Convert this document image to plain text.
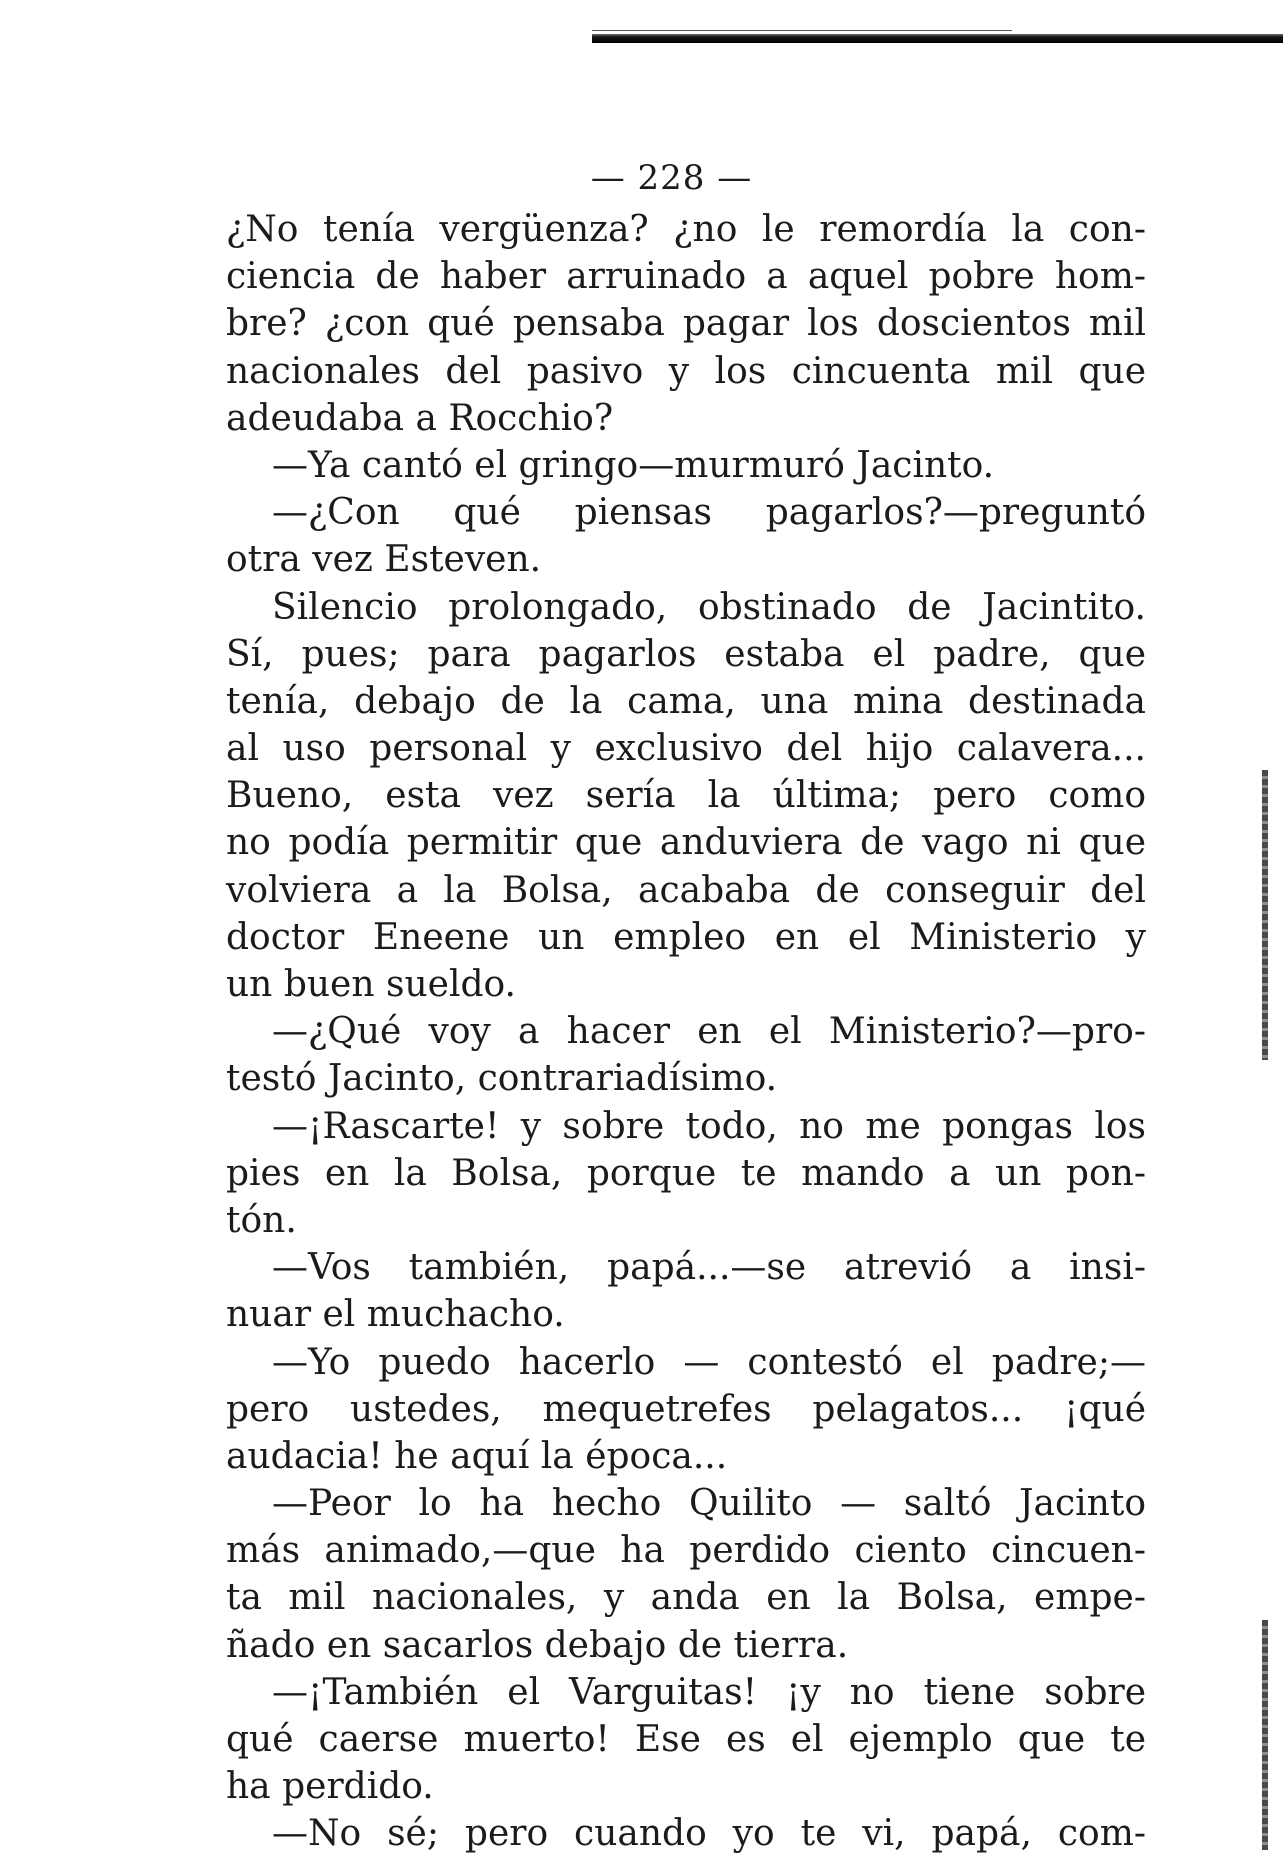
— 228 —
¿No tenía vergüenza? ¿no le remordía la con-
ciencia de haber arruinado a aquel pobre hom-
bre? ¿con qué pensaba pagar los doscientos mil
nacionales del pasivo y los cincuenta mil que
adeudaba a Rocchio?
—Ya cantó el gringo—murmuró Jacinto.
—¿Con qué piensas pagarlos?—preguntó
otra vez Esteven.
Silencio prolongado, obstinado de Jacintito.
Sí, pues; para pagarlos estaba el padre, que
tenía, debajo de la cama, una mina destinada
al uso personal y exclusivo del hijo calavera...
Bueno, esta vez sería la última; pero como
no podía permitir que anduviera de vago ni que
volviera a la Bolsa, acababa de conseguir del
doctor Eneene un empleo en el Ministerio y
un buen sueldo.
—¿Qué voy a hacer en el Ministerio?—pro-
testó Jacinto, contrariadísimo.
—¡Rascarte! y sobre todo, no me pongas los
pies en la Bolsa, porque te mando a un pon-
tón.
—Vos también, papá...—se atrevió a insi-
nuar el muchacho.
—Yo puedo hacerlo — contestó el padre;—
pero ustedes, mequetrefes pelagatos... ¡qué
audacia! he aquí la época...
—Peor lo ha hecho Quilito — saltó Jacinto
más animado,—que ha perdido ciento cincuen-
ta mil nacionales, y anda en la Bolsa, empe-
ñado en sacarlos debajo de tierra.
—¡También el Varguitas! ¡y no tiene sobre
qué caerse muerto! Ese es el ejemplo que te
ha perdido.
—No sé; pero cuando yo te vi, papá, com-
